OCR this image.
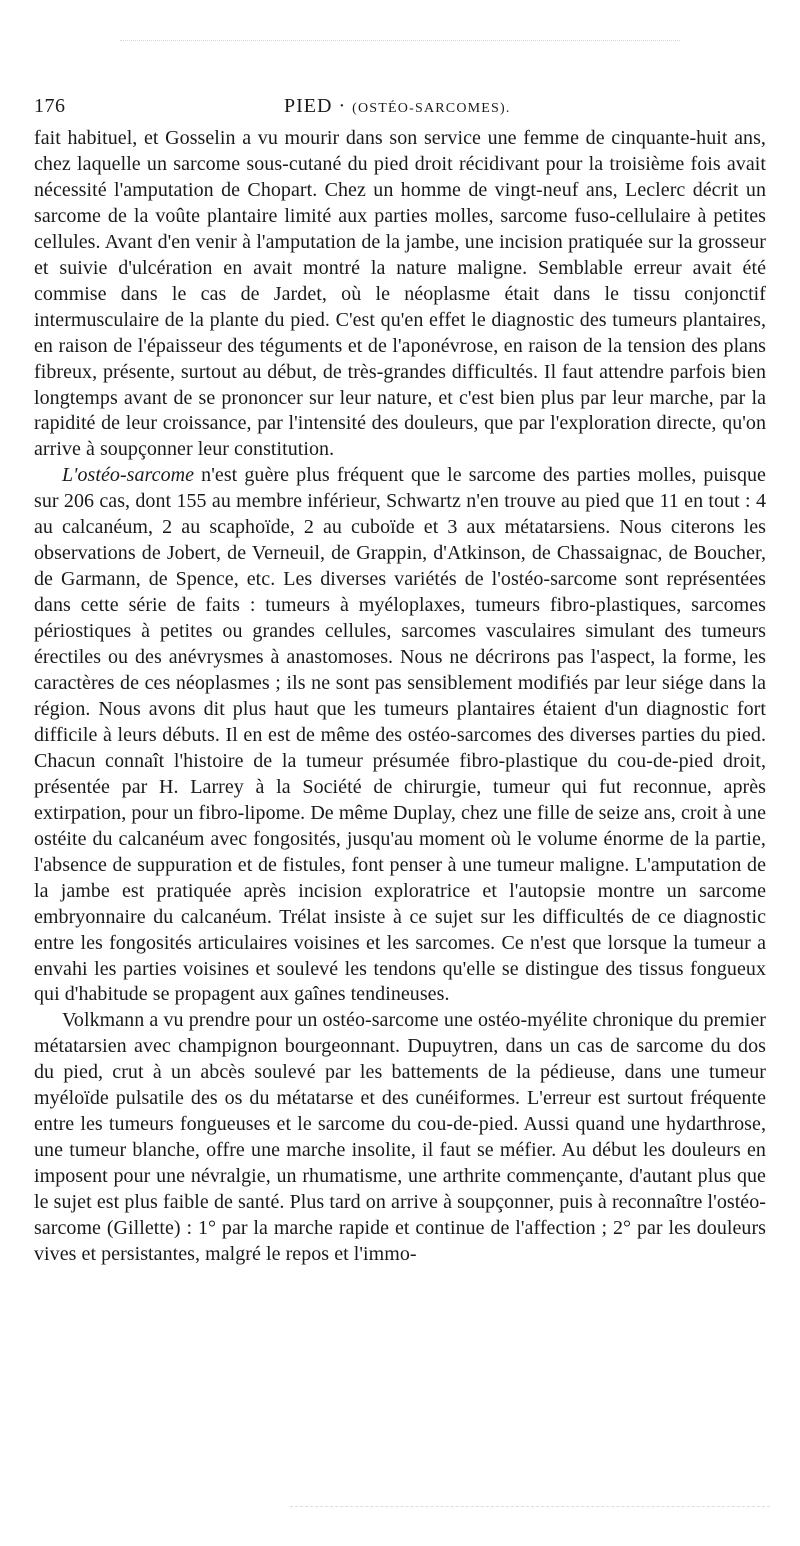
176	PIED · (OSTÉO-SARCOMES).

fait habituel, et Gosselin a vu mourir dans son service une femme de cinquante-huit ans, chez laquelle un sarcome sous-cutané du pied droit récidivant pour la troisième fois avait nécessité l'amputation de Chopart. Chez un homme de vingt-neuf ans, Leclerc décrit un sarcome de la voûte plantaire limité aux parties molles, sarcome fuso-cellulaire à petites cellules. Avant d'en venir à l'amputation de la jambe, une incision pratiquée sur la grosseur et suivie d'ulcération en avait montré la nature maligne. Semblable erreur avait été commise dans le cas de Jardet, où le néoplasme était dans le tissu conjonctif intermusculaire de la plante du pied. C'est qu'en effet le diagnostic des tumeurs plantaires, en raison de l'épaisseur des téguments et de l'aponévrose, en raison de la tension des plans fibreux, présente, surtout au début, de très-grandes difficultés. Il faut attendre parfois bien longtemps avant de se prononcer sur leur nature, et c'est bien plus par leur marche, par la rapidité de leur croissance, par l'intensité des douleurs, que par l'exploration directe, qu'on arrive à soupçonner leur constitution.

L'ostéo-sarcome n'est guère plus fréquent que le sarcome des parties molles, puisque sur 206 cas, dont 155 au membre inférieur, Schwartz n'en trouve au pied que 11 en tout : 4 au calcanéum, 2 au scaphoïde, 2 au cuboïde et 3 aux métatarsiens. Nous citerons les observations de Jobert, de Verneuil, de Grappin, d'Atkinson, de Chassaignac, de Boucher, de Garmann, de Spence, etc. Les diverses variétés de l'ostéo-sarcome sont représentées dans cette série de faits : tumeurs à myéloplaxes, tumeurs fibro-plastiques, sarcomes périostiques à petites ou grandes cellules, sarcomes vasculaires simulant des tumeurs érectiles ou des anévrysmes à anastomoses. Nous ne décrirons pas l'aspect, la forme, les caractères de ces néoplasmes ; ils ne sont pas sensiblement modifiés par leur siége dans la région. Nous avons dit plus haut que les tumeurs plantaires étaient d'un diagnostic fort difficile à leurs débuts. Il en est de même des ostéo-sarcomes des diverses parties du pied. Chacun connaît l'histoire de la tumeur présumée fibro-plastique du cou-de-pied droit, présentée par H. Larrey à la Société de chirurgie, tumeur qui fut reconnue, après extirpation, pour un fibro-lipome. De même Duplay, chez une fille de seize ans, croit à une ostéite du calcanéum avec fongosités, jusqu'au moment où le volume énorme de la partie, l'absence de suppuration et de fistules, font penser à une tumeur maligne. L'amputation de la jambe est pratiquée après incision exploratrice et l'autopsie montre un sarcome embryonnaire du calcanéum. Trélat insiste à ce sujet sur les difficultés de ce diagnostic entre les fongosités articulaires voisines et les sarcomes. Ce n'est que lorsque la tumeur a envahi les parties voisines et soulevé les tendons qu'elle se distingue des tissus fongueux qui d'habitude se propagent aux gaînes tendineuses.

Volkmann a vu prendre pour un ostéo-sarcome une ostéo-myélite chronique du premier métatarsien avec champignon bourgeonnant. Dupuytren, dans un cas de sarcome du dos du pied, crut à un abcès soulevé par les battements de la pédieuse, dans une tumeur myéloïde pulsatile des os du métatarse et des cunéiformes. L'erreur est surtout fréquente entre les tumeurs fongueuses et le sarcome du cou-de-pied. Aussi quand une hydarthrose, une tumeur blanche, offre une marche insolite, il faut se méfier. Au début les douleurs en imposent pour une névralgie, un rhumatisme, une arthrite commençante, d'autant plus que le sujet est plus faible de santé. Plus tard on arrive à soupçonner, puis à reconnaître l'ostéo-sarcome (Gillette) : 1° par la marche rapide et continue de l'affection ; 2° par les douleurs vives et persistantes, malgré le repos et l'immo-
